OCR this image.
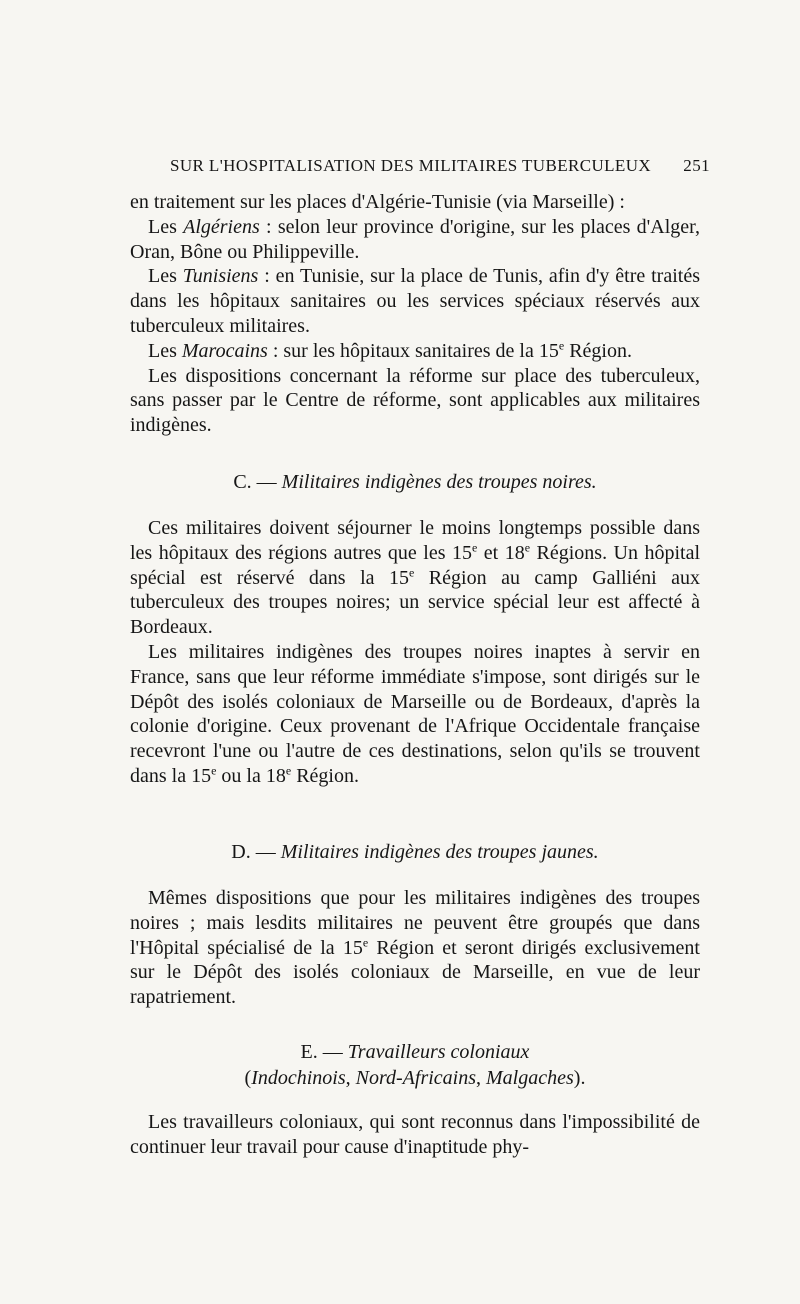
SUR L'HOSPITALISATION DES MILITAIRES TUBERCULEUX 251

en traitement sur les places d'Algérie-Tunisie (via Marseille) :

Les Algériens : selon leur province d'origine, sur les places d'Alger, Oran, Bône ou Philippeville.

Les Tunisiens : en Tunisie, sur la place de Tunis, afin d'y être traités dans les hôpitaux sanitaires ou les services spéciaux réservés aux tuberculeux militaires.

Les Marocains : sur les hôpitaux sanitaires de la 15e Région.

Les dispositions concernant la réforme sur place des tuberculeux, sans passer par le Centre de réforme, sont applicables aux militaires indigènes.

C. — Militaires indigènes des troupes noires.

Ces militaires doivent séjourner le moins longtemps possible dans les hôpitaux des régions autres que les 15e et 18e Régions. Un hôpital spécial est réservé dans la 15e Région au camp Galliéni aux tuberculeux des troupes noires; un service spécial leur est affecté à Bordeaux.

Les militaires indigènes des troupes noires inaptes à servir en France, sans que leur réforme immédiate s'impose, sont dirigés sur le Dépôt des isolés coloniaux de Marseille ou de Bordeaux, d'après la colonie d'origine. Ceux provenant de l'Afrique Occidentale française recevront l'une ou l'autre de ces destinations, selon qu'ils se trouvent dans la 15e ou la 18e Région.

D. — Militaires indigènes des troupes jaunes.

Mêmes dispositions que pour les militaires indigènes des troupes noires ; mais lesdits militaires ne peuvent être groupés que dans l'Hôpital spécialisé de la 15e Région et seront dirigés exclusivement sur le Dépôt des isolés coloniaux de Marseille, en vue de leur rapatriement.

E. — Travailleurs coloniaux
(Indochinois, Nord-Africains, Malgaches).

Les travailleurs coloniaux, qui sont reconnus dans l'impossibilité de continuer leur travail pour cause d'inaptitude phy-
